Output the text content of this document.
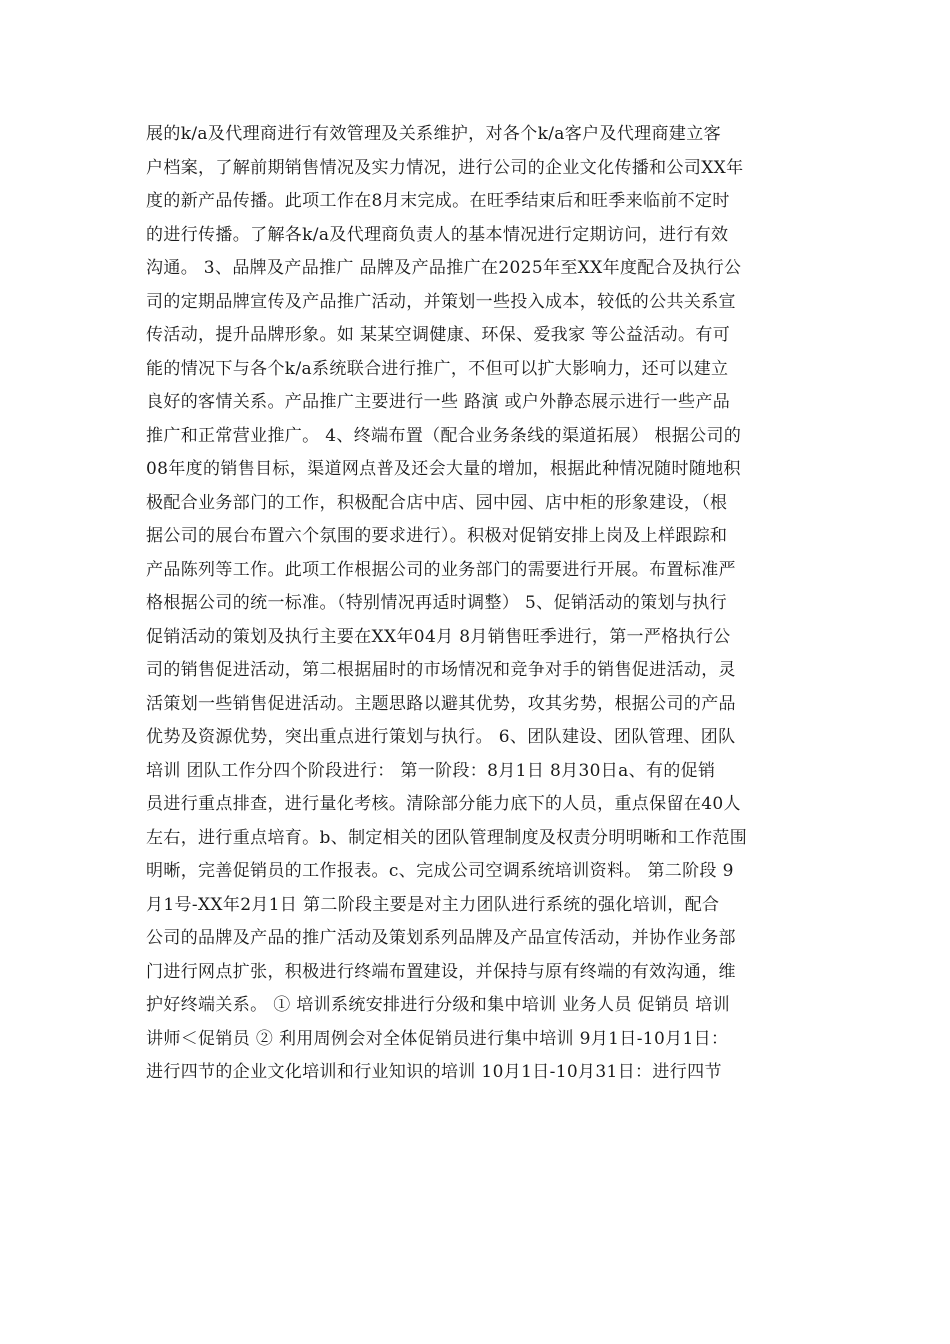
展的k/a及代理商进行有效管理及关系维护，对各个k/a客户及代理商建立客
户档案，了解前期销售情况及实力情况，进行公司的企业文化传播和公司XX年
度的新产品传播。此项工作在8月末完成。在旺季结束后和旺季来临前不定时
的进行传播。了解各k/a及代理商负责人的基本情况进行定期访问，进行有效
沟通。 3、品牌及产品推广 品牌及产品推广在2025年至XX年度配合及执行公
司的定期品牌宣传及产品推广活动，并策划一些投入成本，较低的公共关系宣
传活动，提升品牌形象。如 某某空调健康、环保、爱我家 等公益活动。有可
能的情况下与各个k/a系统联合进行推广，不但可以扩大影响力，还可以建立
良好的客情关系。产品推广主要进行一些 路演 或户外静态展示进行一些产品
推广和正常营业推广。 4、终端布置（配合业务条线的渠道拓展） 根据公司的
08年度的销售目标，渠道网点普及还会大量的增加，根据此种情况随时随地积
极配合业务部门的工作，积极配合店中店、园中园、店中柜的形象建设，（根
据公司的展台布置六个氛围的要求进行）。积极对促销安排上岗及上样跟踪和
产品陈列等工作。此项工作根据公司的业务部门的需要进行开展。布置标准严
格根据公司的统一标准。（特别情况再适时调整） 5、促销活动的策划与执行
促销活动的策划及执行主要在XX年04月 8月销售旺季进行，第一严格执行公
司的销售促进活动，第二根据届时的市场情况和竞争对手的销售促进活动，灵
活策划一些销售促进活动。主题思路以避其优势，攻其劣势，根据公司的产品
优势及资源优势，突出重点进行策划与执行。 6、团队建设、团队管理、团队
培训 团队工作分四个阶段进行： 第一阶段：8月1日 8月30日a、有的促销
员进行重点排查，进行量化考核。清除部分能力底下的人员，重点保留在40人
左右，进行重点培育。b、制定相关的团队管理制度及权责分明明晰和工作范围
明晰，完善促销员的工作报表。c、完成公司空调系统培训资料。 第二阶段 9
月1号-XX年2月1日 第二阶段主要是对主力团队进行系统的强化培训，配合
公司的品牌及产品的推广活动及策划系列品牌及产品宣传活动，并协作业务部
门进行网点扩张，积极进行终端布置建设，并保持与原有终端的有效沟通，维
护好终端关系。 ① 培训系统安排进行分级和集中培训 业务人员 促销员 培训
讲师＜促销员 ② 利用周例会对全体促销员进行集中培训 9月1日-10月1日：
进行四节的企业文化培训和行业知识的培训 10月1日-10月31日：进行四节
